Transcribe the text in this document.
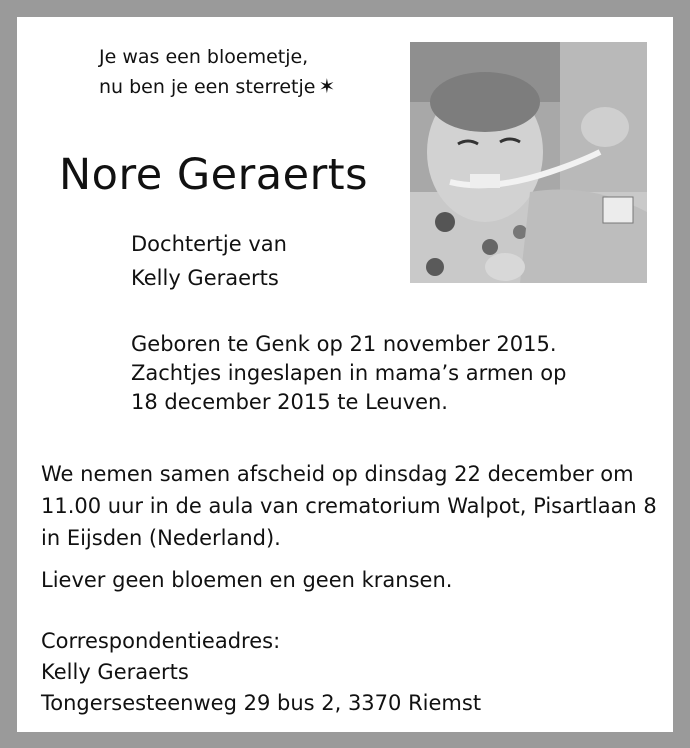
Je was een bloemetje,
nu ben je een sterretje ✶
Nore Geraerts
Dochtertje van
Kelly Geraerts
Geboren te Genk op 21 november 2015.
Zachtjes ingeslapen in mama’s armen op
18 december 2015 te Leuven.
We nemen samen afscheid op dinsdag 22 december om
11.00 uur in de aula van crematorium Walpot, Pisartlaan 8
in Eijsden (Nederland).
Liever geen bloemen en geen kransen.
Correspondentieadres:
Kelly Geraerts
Tongersesteenweg 29 bus 2, 3370 Riemst
